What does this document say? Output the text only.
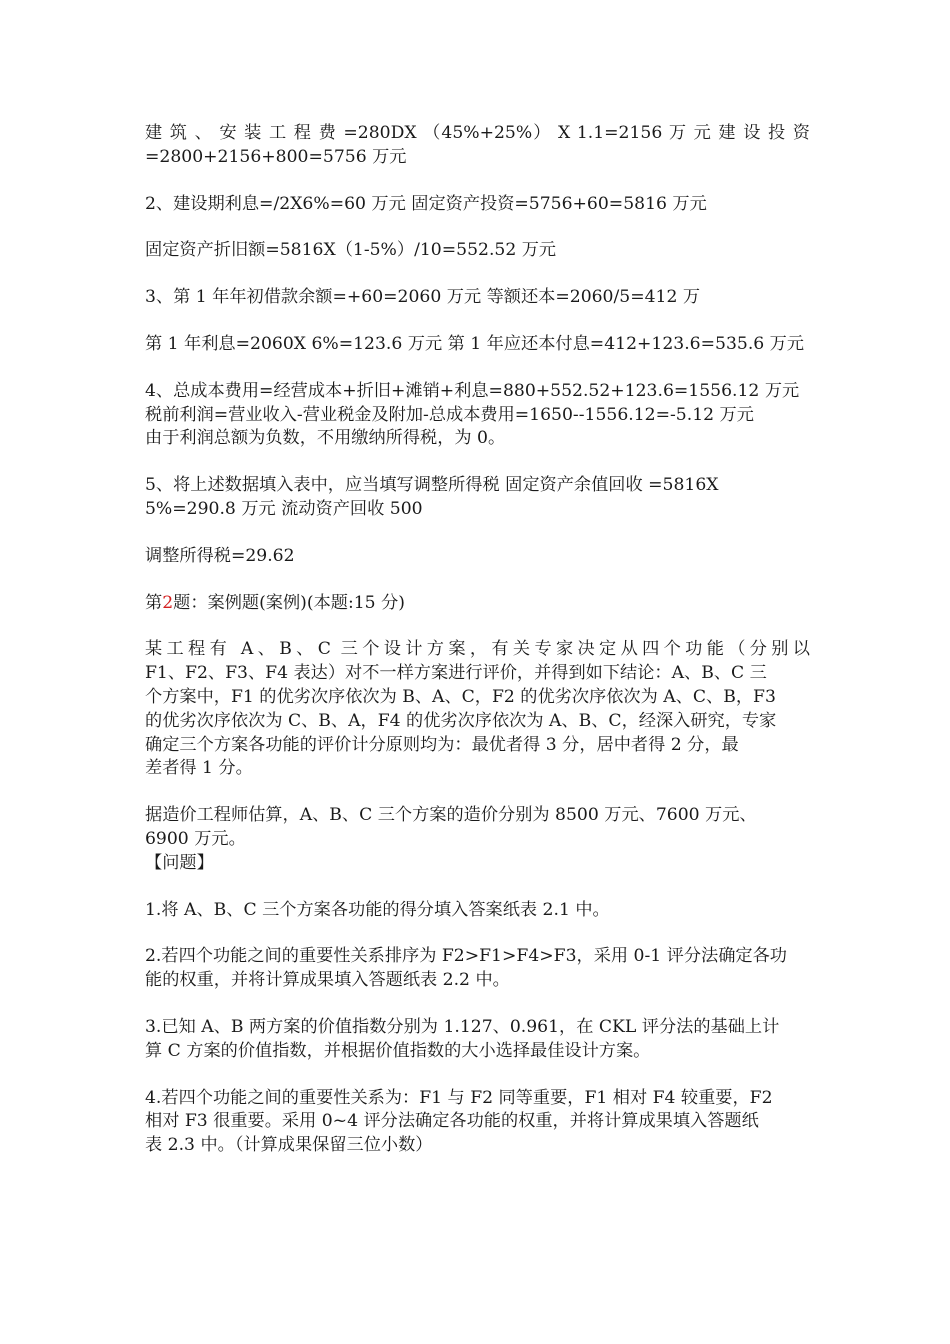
建 筑 、 安 装 工 程 费 =280DX （45%+25%） X 1.1=2156 万 元 建 设 投 资
=2800+2156+800=5756 万元

2、建设期利息=/2X6%=60 万元 固定资产投资=5756+60=5816 万元

固定资产折旧额=5816X（1-5%）/10=552.52 万元

3、第 1 年年初借款余额=+60=2060 万元 等额还本=2060/5=412 万

第 1 年利息=2060X 6%=123.6 万元 第 1 年应还本付息=412+123.6=535.6 万元

4、总成本费用=经营成本+折旧+滩销+利息=880+552.52+123.6=1556.12 万元
税前利润=营业收入-营业税金及附加-总成本费用=1650--1556.12=-5.12 万元
由于利润总额为负数，不用缴纳所得税，为 0。

5、将上述数据填入表中，应当填写调整所得税 固定资产余值回收 =5816X
5%=290.8 万元 流动资产回收 500

调整所得税=29.62

第2题：案例题(案例)(本题:15 分)

某工程有 A、B、C 三个设计方案，有关专家决定从四个功能（分别以
F1、F2、F3、F4 表达）对不一样方案进行评价，并得到如下结论：A、B、C 三
个方案中，F1 的优劣次序依次为 B、A、C，F2 的优劣次序依次为 A、C、B，F3
的优劣次序依次为 C、B、A，F4 的优劣次序依次为 A、B、C，经深入研究，专家
确定三个方案各功能的评价计分原则均为：最优者得 3 分，居中者得 2 分，最
差者得 1 分。

据造价工程师估算，A、B、C 三个方案的造价分别为 8500 万元、7600 万元、
6900 万元。
【问题】

1.将 A、B、C 三个方案各功能的得分填入答案纸表 2.1 中。

2.若四个功能之间的重要性关系排序为 F2>F1>F4>F3，采用 0-1 评分法确定各功
能的权重，并将计算成果填入答题纸表 2.2 中。

3.已知 A、B 两方案的价值指数分别为 1.127、0.961，在 CKL 评分法的基础上计
算 C 方案的价值指数，并根据价值指数的大小选择最佳设计方案。

4.若四个功能之间的重要性关系为：F1 与 F2 同等重要，F1 相对 F4 较重要，F2
相对 F3 很重要。采用 0~4 评分法确定各功能的权重，并将计算成果填入答题纸
表 2.3 中。（计算成果保留三位小数）
